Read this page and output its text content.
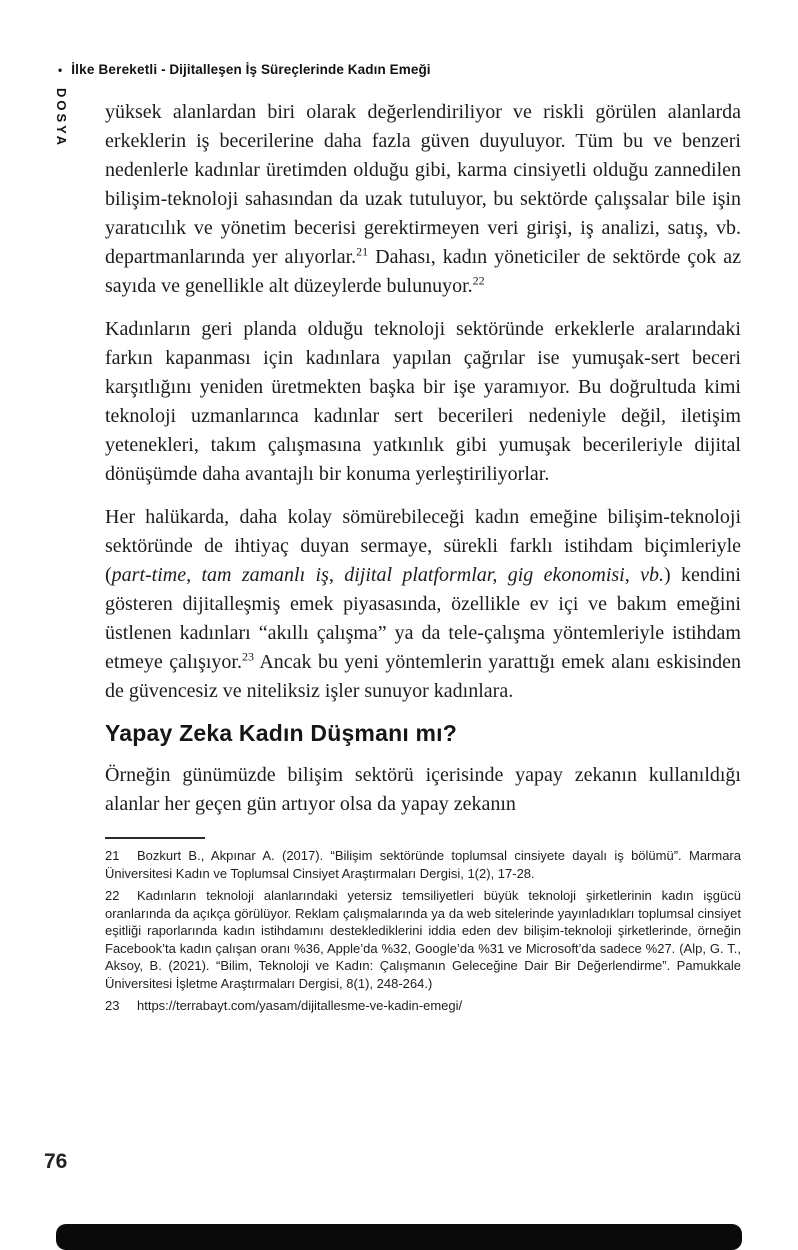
• İlke Bereketli - Dijitalleşen İş Süreçlerinde Kadın Emeği
DOSYA yüksek alanlardan biri olarak değerlendiriliyor ve riskli görülen alanlarda erkeklerin iş becerilerine daha fazla güven duyuluyor. Tüm bu ve benzeri nedenlerle kadınlar üretimden olduğu gibi, karma cinsiyetli olduğu zannedilen bilişim-teknoloji sahasından da uzak tutuluyor, bu sektörde çalışsalar bile işin yaratıcılık ve yönetim becerisi gerektirmeyen veri girişi, iş analizi, satış, vb. departmanlarında yer alıyorlar.$^{21}$ Dahası, kadın yöneticiler de sektörde çok az sayıda ve genellikle alt düzeylerde bulunuyor.$^{22}$

Kadınların geri planda olduğu teknoloji sektöründe erkeklerle aralarındaki farkın kapanması için kadınlara yapılan çağrılar ise yumuşak-sert beceri karşıtlığını yeniden üretmekten başka bir işe yaramıyor. Bu doğrultuda kimi teknoloji uzmanlarınca kadınlar sert becerileri nedeniyle değil, iletişim yetenekleri, takım çalışmasına yatkınlık gibi yumuşak becerileriyle dijital dönüşümde daha avantajlı bir konuma yerleştiriliyorlar.

Her halükarda, daha kolay sömürebileceği kadın emeğine bilişim-teknoloji sektöründe de ihtiyaç duyan sermaye, sürekli farklı istihdam biçimleriyle (part-time, tam zamanlı iş, dijital platformlar, gig ekonomisi, vb.) kendini gösteren dijitalleşmiş emek piyasasında, özellikle ev içi ve bakım emeğini üstlenen kadınları “akıllı çalışma” ya da tele-çalışma yöntemleriyle istihdam etmeye çalışıyor.$^{23}$ Ancak bu yeni yöntemlerin yarattığı emek alanı eskisinden de güvencesiz ve niteliksiz işler sunuyor kadınlara.

Yapay Zeka Kadın Düşmanı mı?

Örneğin günümüzde bilişim sektörü içerisinde yapay zekanın kullanıldığı alanlar her geçen gün artıyor olsa da yapay zekanın

21 Bozkurt B., Akpınar A. (2017). “Bilişim sektöründe toplumsal cinsiyete dayalı iş bölümü”. Marmara Üniversitesi Kadın ve Toplumsal Cinsiyet Araştırmaları Dergisi, 1(2), 17-28.

22 Kadınların teknoloji alanlarındaki yetersiz temsiliyetleri büyük teknoloji şirketlerinin kadın işgücü oranlarında da açıkça görülüyor. Reklam çalışmalarında ya da web sitelerinde yayınladıkları toplumsal cinsiyet eşitliği raporlarında kadın istihdamını desteklediklerini iddia eden dev bilişim-teknoloji şirketlerinde, örneğin Facebook’ta kadın çalışan oranı %36, Apple’da %32, Google’da %31 ve Microsoft’da sadece %27. (Alp, G. T., Aksoy, B. (2021). “Bilim, Teknoloji ve Kadın: Çalışmanın Geleceğine Dair Bir Değerlendirme”. Pamukkale Üniversitesi İşletme Araştırmaları Dergisi, 8(1), 248-264.)

23 https://terrabayt.com/yasam/dijitallesme-ve-kadin-emegi/

76
